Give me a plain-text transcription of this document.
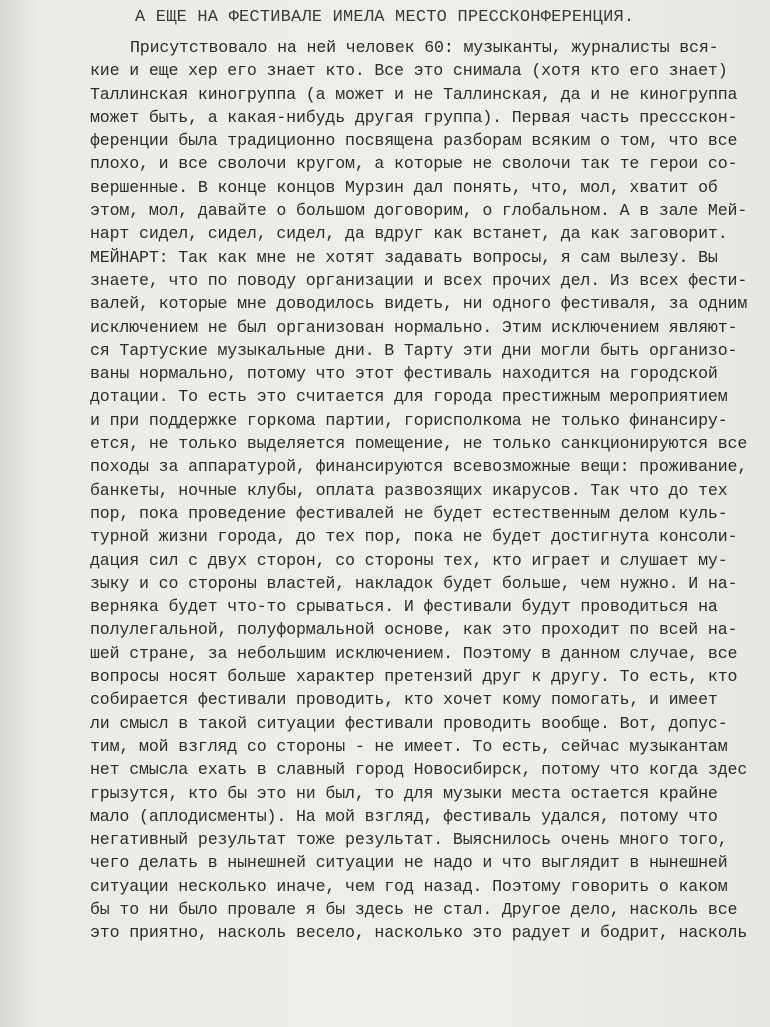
А ЕЩЕ НА ФЕСТИВАЛЕ ИМЕЛА МЕСТО ПРЕССКОНФЕРЕНЦИЯ.
Присутствовало на ней человек 60: музыканты, журналисты вся-
кие и еще хер его знает кто. Все это снимала (хотя кто его знает)
Таллинская киногруппа (а может и не Таллинская, да и не киногруппа
может быть, а какая-нибудь другая группа). Первая часть прессскон-
ференции была традиционно посвящена разборам всяким о том, что все
плохо, и все сволочи кругом, а которые не сволочи так те герои со-
вершенные. В конце концов Мурзин дал понять, что, мол, хватит об
этом, мол, давайте о большом договорим, о глобальном. А в зале Мей-
нарт сидел, сидел, сидел, да вдруг как встанет, да как заговорит.
МЕЙНАРТ: Так как мне не хотят задавать вопросы, я сам вылезу. Вы
знаете, что по поводу организации и всех прочих дел. Из всех фести-
валей, которые мне доводилось видеть, ни одного фестиваля, за одним
исключением не был организован нормально. Этим исключением являют-
ся Тартуские музыкальные дни. В Тарту эти дни могли быть организо-
ваны нормально, потому что этот фестиваль находится на городской
дотации. То есть это считается для города престижным мероприятием
и при поддержке горкома партии, горисполкома не только финансиру-
ется, не только выделяется помещение, не только санкционируются все
походы за аппаратурой, финансируются всевозможные вещи: проживание,
банкеты, ночные клубы, оплата развозящих икарусов. Так что до тех
пор, пока проведение фестивалей не будет естественным делом куль-
турной жизни города, до тех пор, пока не будет достигнута консоли-
дация сил с двух сторон, со стороны тех, кто играет и слушает му-
зыку и со стороны властей, накладок будет больше, чем нужно. И на-
верняка будет что-то срываться. И фестивали будут проводиться на
полулегальной, полуформальной основе, как это проходит по всей на-
шей стране, за небольшим исключением. Поэтому в данном случае, все
вопросы носят больше характер претензий друг к другу. То есть, кто
собирается фестивали проводить, кто хочет кому помогать, и имеет
ли смысл в такой ситуации фестивали проводить вообще. Вот, допус-
тим, мой взгляд со стороны - не имеет. То есть, сейчас музыкантам
нет смысла ехать в славный город Новосибирск, потому что когда здес
грызутся, кто бы это ни был, то для музыки места остается крайне
мало (аплодисменты). На мой взгляд, фестиваль удался, потому что
негативный результат тоже результат. Выяснилось очень много того,
чего делать в нынешней ситуации не надо и что выглядит в нынешней
ситуации несколько иначе, чем год назад. Поэтому говорить о каком
бы то ни было провале я бы здесь не стал. Другое дело, насколь все
это приятно, насколь весело, насколько это радует и бодрит, насколь
